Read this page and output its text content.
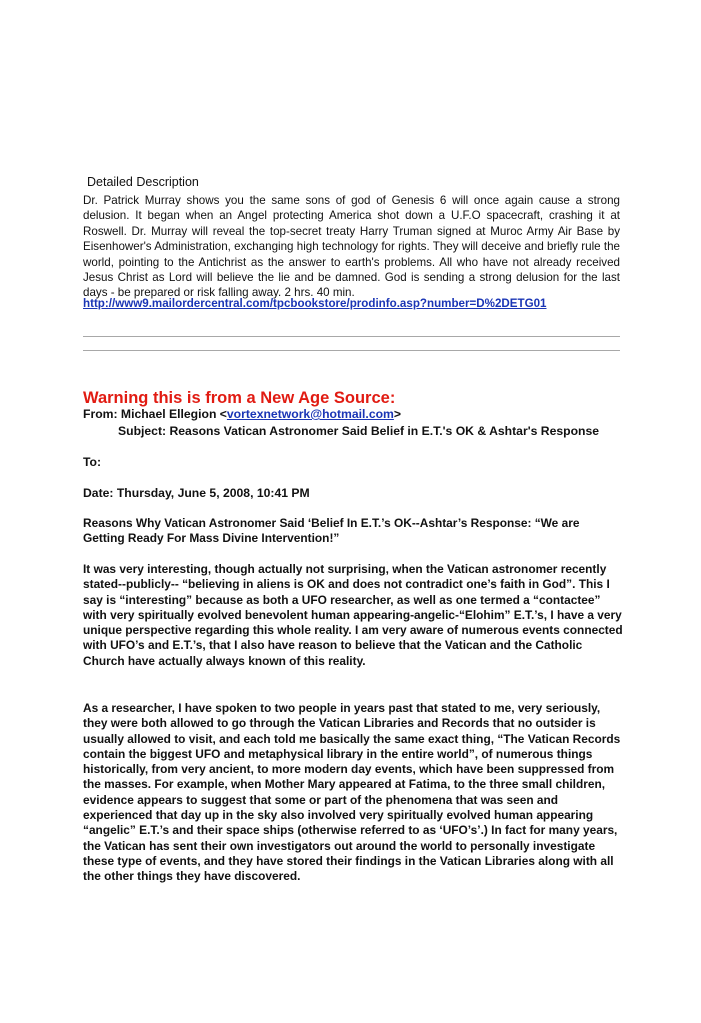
Detailed Description
Dr. Patrick Murray shows you the same sons of god of Genesis 6 will once again cause a strong delusion. It began when an Angel protecting America shot down a U.F.O spacecraft, crashing it at Roswell. Dr. Murray will reveal the top-secret treaty Harry Truman signed at Muroc Army Air Base by Eisenhower's Administration, exchanging high technology for rights. They will deceive and briefly rule the world, pointing to the Antichrist as the answer to earth's problems. All who have not already received Jesus Christ as Lord will believe the lie and be damned. God is sending a strong delusion for the last days - be prepared or risk falling away. 2 hrs. 40 min.
http://www9.mailordercentral.com/tpcbookstore/prodinfo.asp?number=D%2DETG01
Warning this is from a New Age Source:
From: Michael Ellegion <vortexnetwork@hotmail.com>
Subject: Reasons Vatican Astronomer Said Belief in E.T.'s OK & Ashtar's Response
To:
Date: Thursday, June 5, 2008, 10:41 PM
Reasons Why Vatican Astronomer Said ‘Belief In E.T.’s OK--Ashtar’s Response: “We are Getting Ready For Mass Divine Intervention!”
It was very interesting, though actually not surprising, when the Vatican astronomer recently stated--publicly-- “believing in aliens is OK and does not contradict one’s faith in God”. This I say is “interesting” because as both a UFO researcher, as well as one termed a “contactee” with very spiritually evolved benevolent human appearing-angelic-“Elohim” E.T.’s, I have a very unique perspective regarding this whole reality. I am very aware of numerous events connected with UFO’s and E.T.’s, that I also have reason to believe that the Vatican and the Catholic Church have actually always known of this reality.
As a researcher, I have spoken to two people in years past that stated to me, very seriously, they were both allowed to go through the Vatican Libraries and Records that no outsider is usually allowed to visit, and each told me basically the same exact thing, “The Vatican Records contain the biggest UFO and metaphysical library in the entire world”, of numerous things historically, from very ancient, to more modern day events, which have been suppressed from the masses. For example, when Mother Mary appeared at Fatima, to the three small children, evidence appears to suggest that some or part of the phenomena that was seen and experienced that day up in the sky also involved very spiritually evolved human appearing “angelic” E.T.’s and their space ships (otherwise referred to as ‘UFO’s’.) In fact for many years, the Vatican has sent their own investigators out around the world to personally investigate these type of events, and they have stored their findings in the Vatican Libraries along with all the other things they have discovered.
